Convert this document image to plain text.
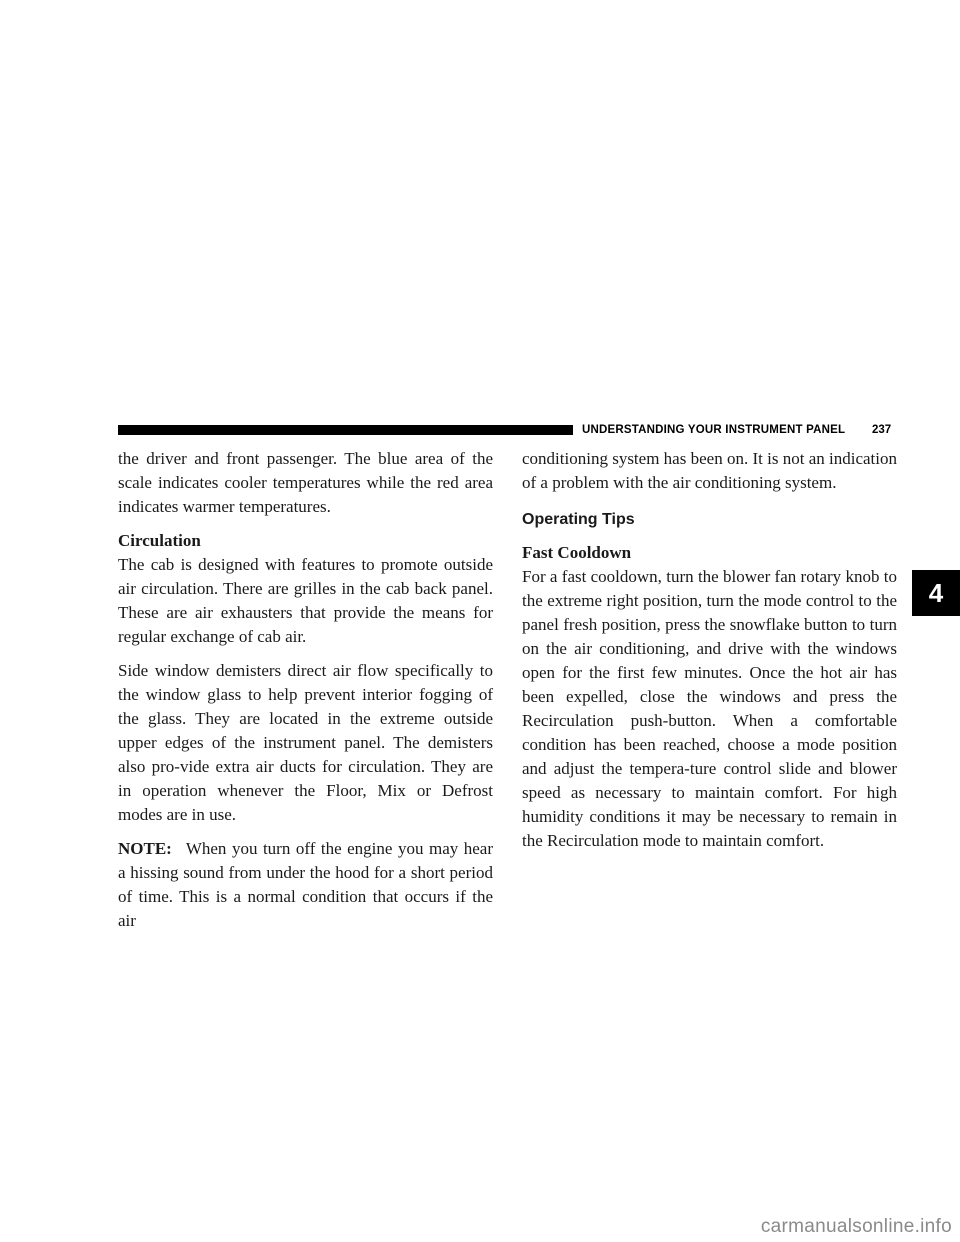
UNDERSTANDING YOUR INSTRUMENT PANEL 237

the driver and front passenger. The blue area of the scale indicates cooler temperatures while the red area indicates warmer temperatures.

Circulation

The cab is designed with features to promote outside air circulation. There are grilles in the cab back panel. These are air exhausters that provide the means for regular exchange of cab air.

Side window demisters direct air flow specifically to the window glass to help prevent interior fogging of the glass. They are located in the extreme outside upper edges of the instrument panel. The demisters also pro-vide extra air ducts for circulation. They are in operation whenever the Floor, Mix or Defrost modes are in use.

NOTE: When you turn off the engine you may hear a hissing sound from under the hood for a short period of time. This is a normal condition that occurs if the air

conditioning system has been on. It is not an indication of a problem with the air conditioning system.

Operating Tips
Fast Cooldown

For a fast cooldown, turn the blower fan rotary knob to the extreme right position, turn the mode control to the panel fresh position, press the snowflake button to turn on the air conditioning, and drive with the windows open for the first few minutes. Once the hot air has been expelled, close the windows and press the Recirculation push-button. When a comfortable condition has been reached, choose a mode position and adjust the tempera-ture control slide and blower speed as necessary to maintain comfort. For high humidity conditions it may be necessary to remain in the Recirculation mode to maintain comfort.

4
carmanualsonline.info
